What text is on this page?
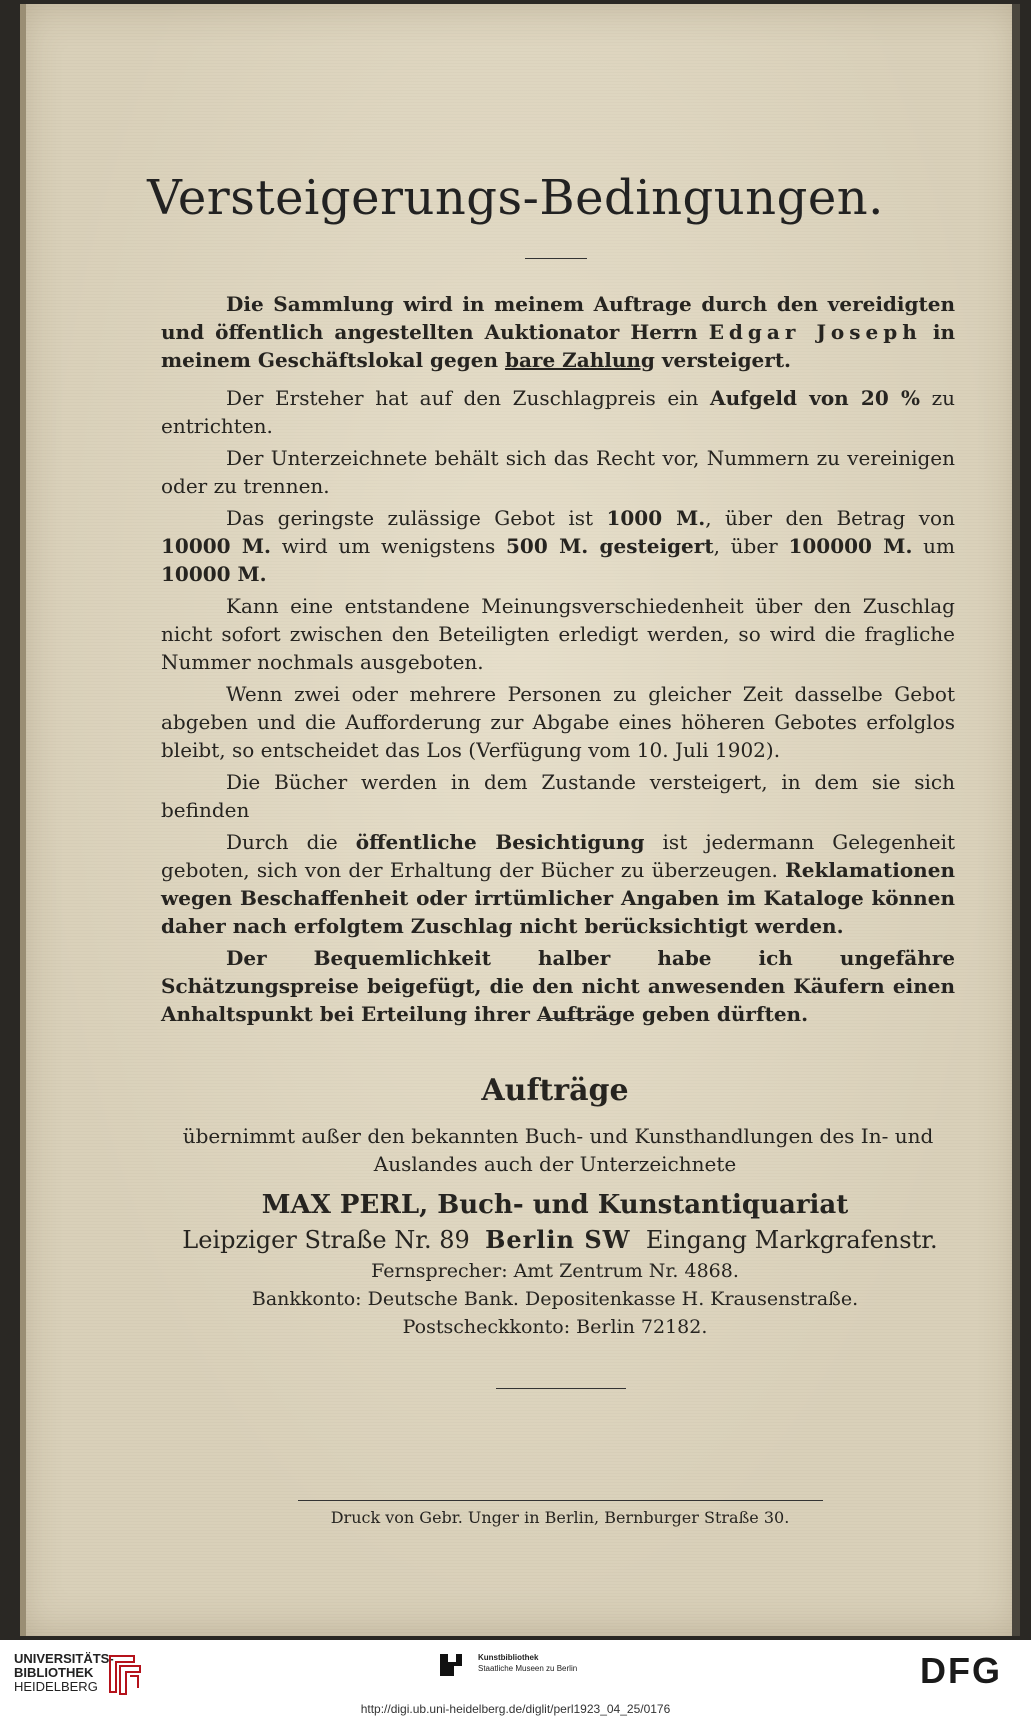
Versteigerungs-Bedingungen.

Die Sammlung wird in meinem Auftrage durch den vereidigten und öffentlich angestellten Auktionator Herrn Edgar Joseph in meinem Geschäftslokal gegen bare Zahlung versteigert.

Der Ersteher hat auf den Zuschlagpreis ein Aufgeld von 20 % zu entrichten.

Der Unterzeichnete behält sich das Recht vor, Nummern zu vereinigen oder zu trennen.

Das geringste zulässige Gebot ist 1000 M., über den Betrag von 10000 M. wird um wenigstens 500 M. gesteigert, über 100000 M. um 10000 M.

Kann eine entstandene Meinungsverschiedenheit über den Zuschlag nicht sofort zwischen den Beteiligten erledigt werden, so wird die fragliche Nummer nochmals ausgeboten.

Wenn zwei oder mehrere Personen zu gleicher Zeit dasselbe Gebot abgeben und die Aufforderung zur Abgabe eines höheren Gebotes erfolglos bleibt, so entscheidet das Los (Verfügung vom 10. Juli 1902).

Die Bücher werden in dem Zustande versteigert, in dem sie sich befinden

Durch die öffentliche Besichtigung ist jedermann Gelegenheit geboten, sich von der Erhaltung der Bücher zu überzeugen. Reklamationen wegen Beschaffenheit oder irrtümlicher Angaben im Kataloge können daher nach erfolgtem Zuschlag nicht berücksichtigt werden.

Der Bequemlichkeit halber habe ich ungefähre Schätzungspreise beigefügt, die den nicht anwesenden Käufern einen Anhaltspunkt bei Erteilung ihrer Aufträge geben dürften.

Aufträge
übernimmt außer den bekannten Buch- und Kunsthandlungen des In- und
Auslandes auch der Unterzeichnete
MAX PERL, Buch- und Kunstantiquariat
Leipziger Straße Nr. 89 Berlin SW Eingang Markgrafenstr.
Fernsprecher: Amt Zentrum Nr. 4868.
Bankkonto: Deutsche Bank. Depositenkasse H. Krausenstraße.
Postscheckkonto: Berlin 72182.
Druck von Gebr. Unger in Berlin, Bernburger Straße 30.
UNIVERSITÄTS-
BIBLIOTHEK
HEIDELBERG
Kunstbibliothek
Staatliche Museen zu Berlin	DFG
http://digi.ub.uni-heidelberg.de/diglit/perl1923_04_25/0176
